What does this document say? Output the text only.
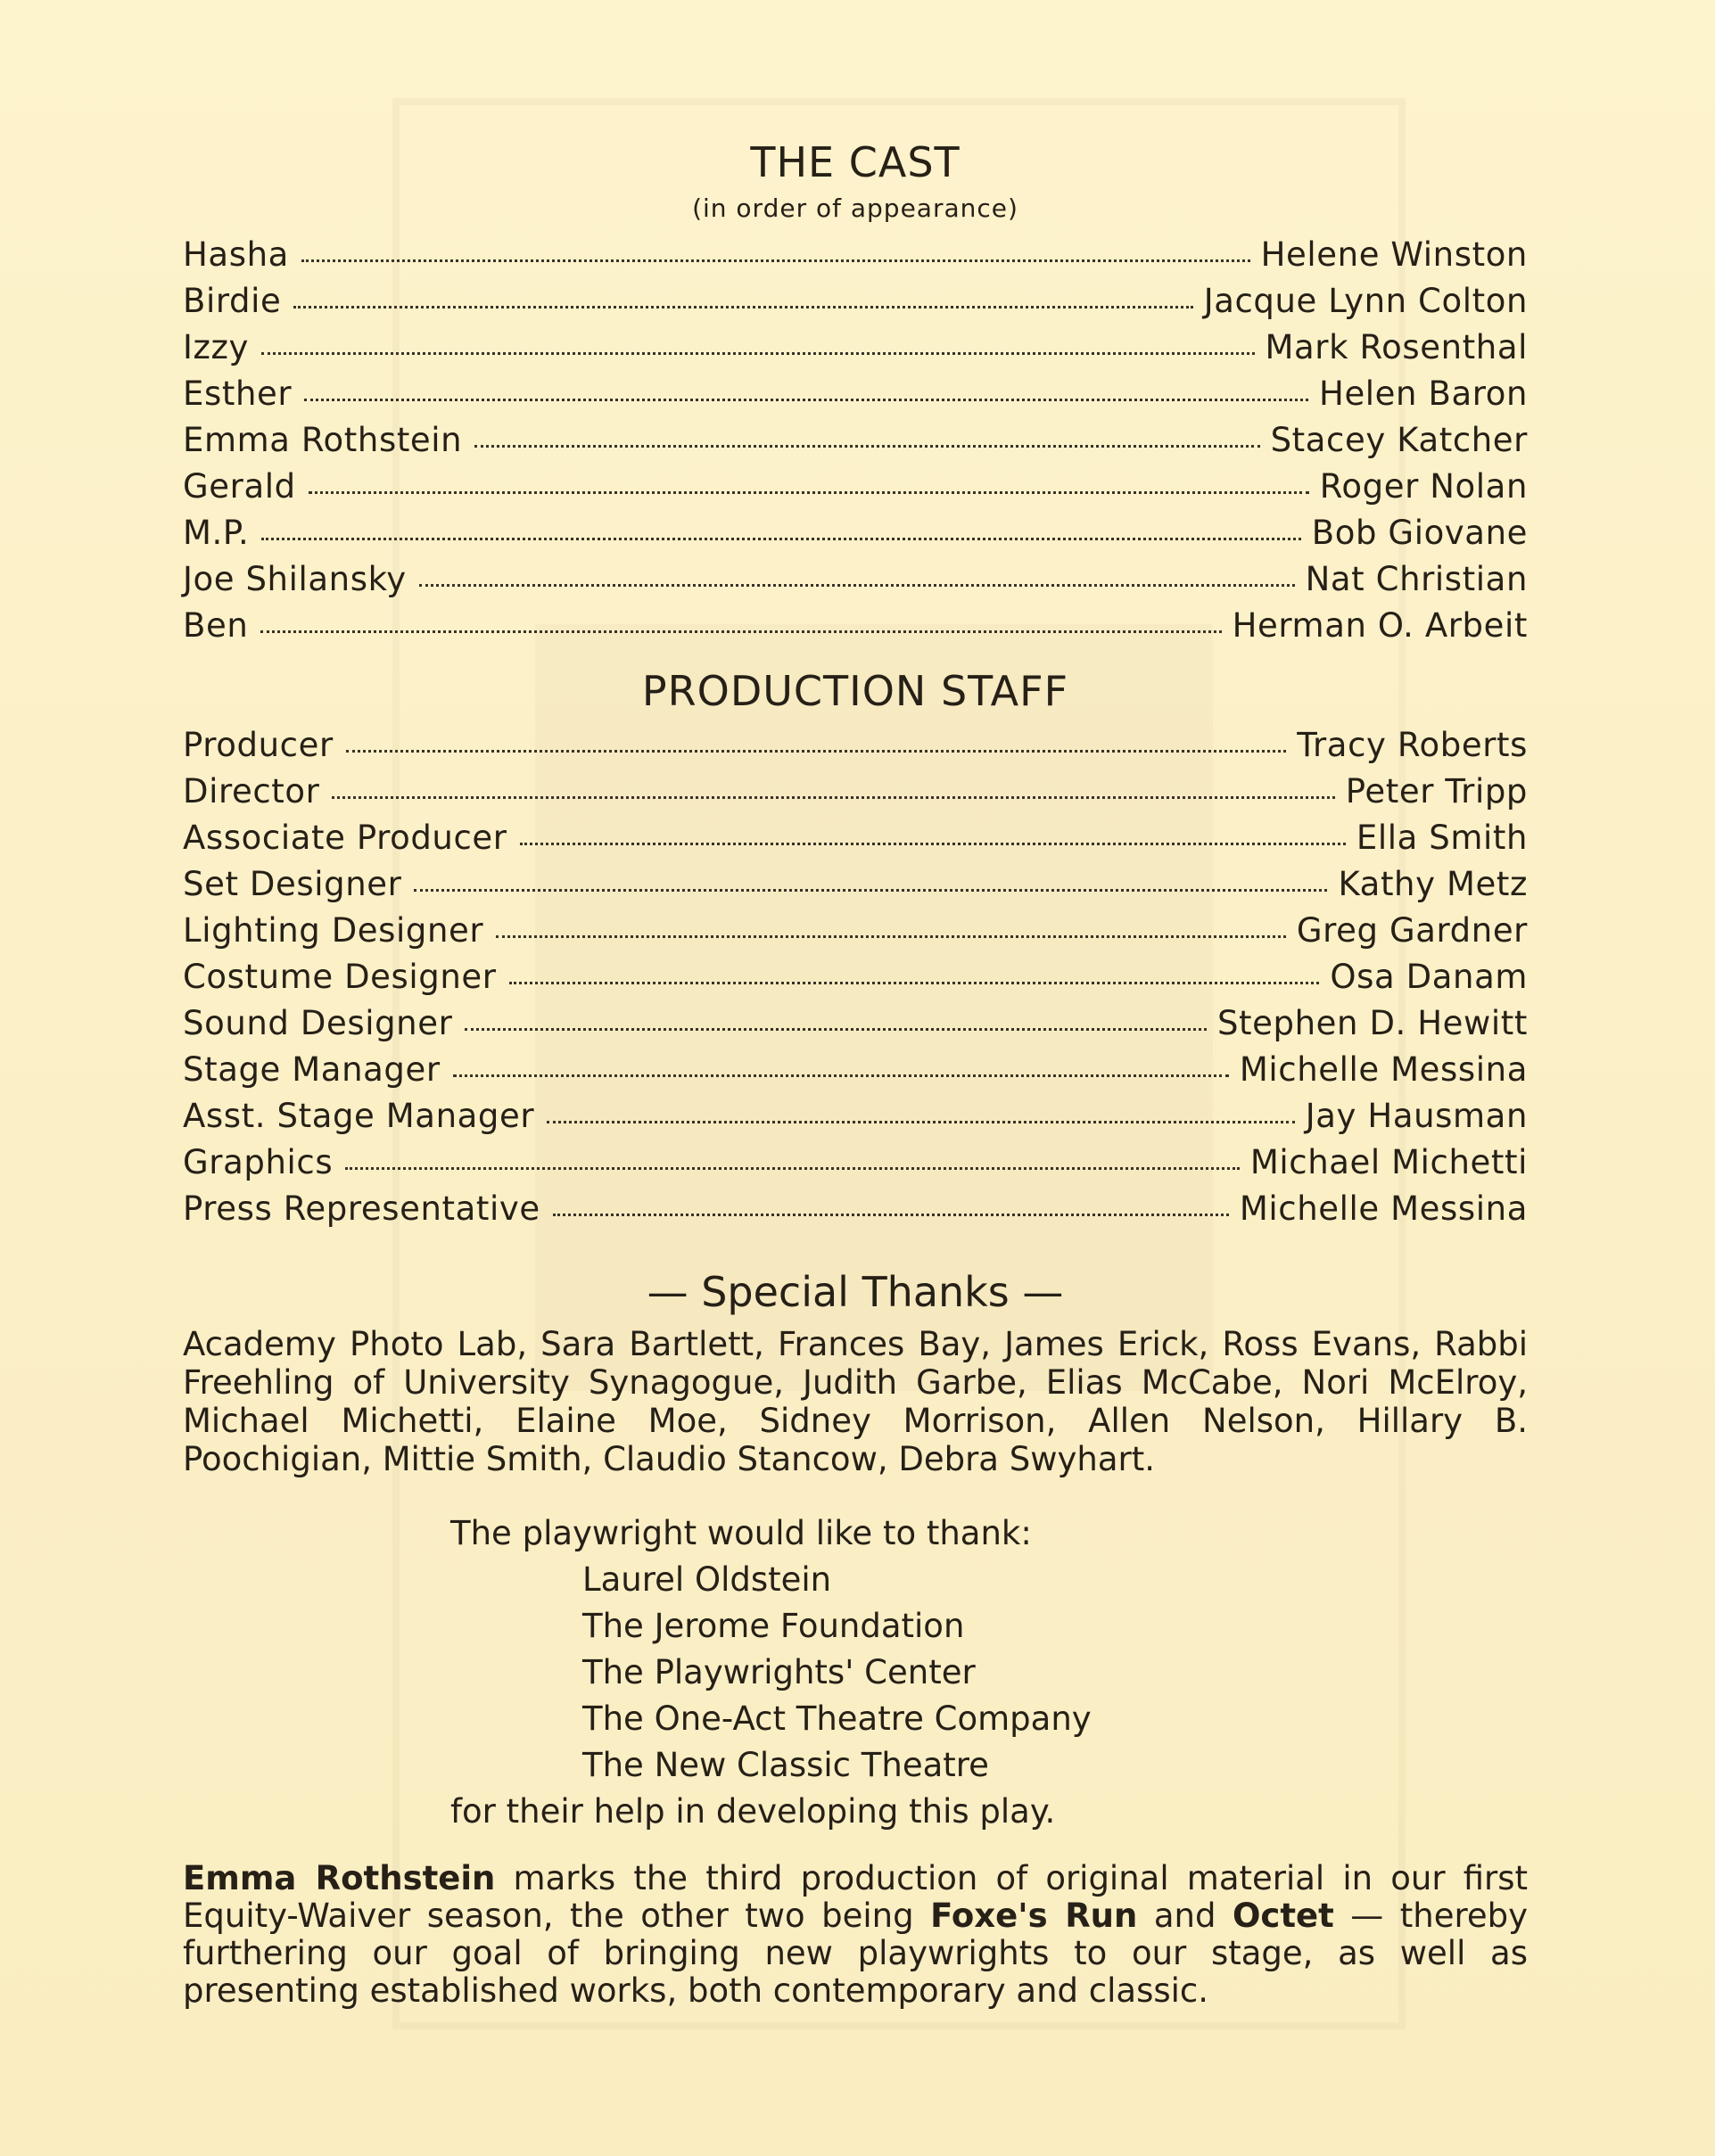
THE CAST
(in order of appearance)
Hasha	Helene Winston
Birdie	Jacque Lynn Colton
Izzy	Mark Rosenthal
Esther	Helen Baron
Emma Rothstein	Stacey Katcher
Gerald	Roger Nolan
M.P.	Bob Giovane
Joe Shilansky	Nat Christian
Ben	Herman O. Arbeit
PRODUCTION STAFF
Producer	Tracy Roberts
Director	Peter Tripp
Associate Producer	Ella Smith
Set Designer	Kathy Metz
Lighting Designer	Greg Gardner
Costume Designer	Osa Danam
Sound Designer	Stephen D. Hewitt
Stage Manager	Michelle Messina
Asst. Stage Manager	Jay Hausman
Graphics	Michael Michetti
Press Representative	Michelle Messina
— Special Thanks —

Academy Photo Lab, Sara Bartlett, Frances Bay, James Erick, Ross Evans, Rabbi Freehling of University Synagogue, Judith Garbe, Elias McCabe, Nori McElroy, Michael Michetti, Elaine Moe, Sidney Morrison, Allen Nelson, Hillary B. Poochigian, Mittie Smith, Claudio Stancow, Debra Swyhart.

The playwright would like to thank:
Laurel Oldstein
The Jerome Foundation
The Playwrights' Center
The One-Act Theatre Company
The New Classic Theatre
for their help in developing this play.

Emma Rothstein marks the third production of original material in our first Equity-Waiver season, the other two being Foxe's Run and Octet — thereby furthering our goal of bringing new playwrights to our stage, as well as presenting established works, both contemporary and classic.
